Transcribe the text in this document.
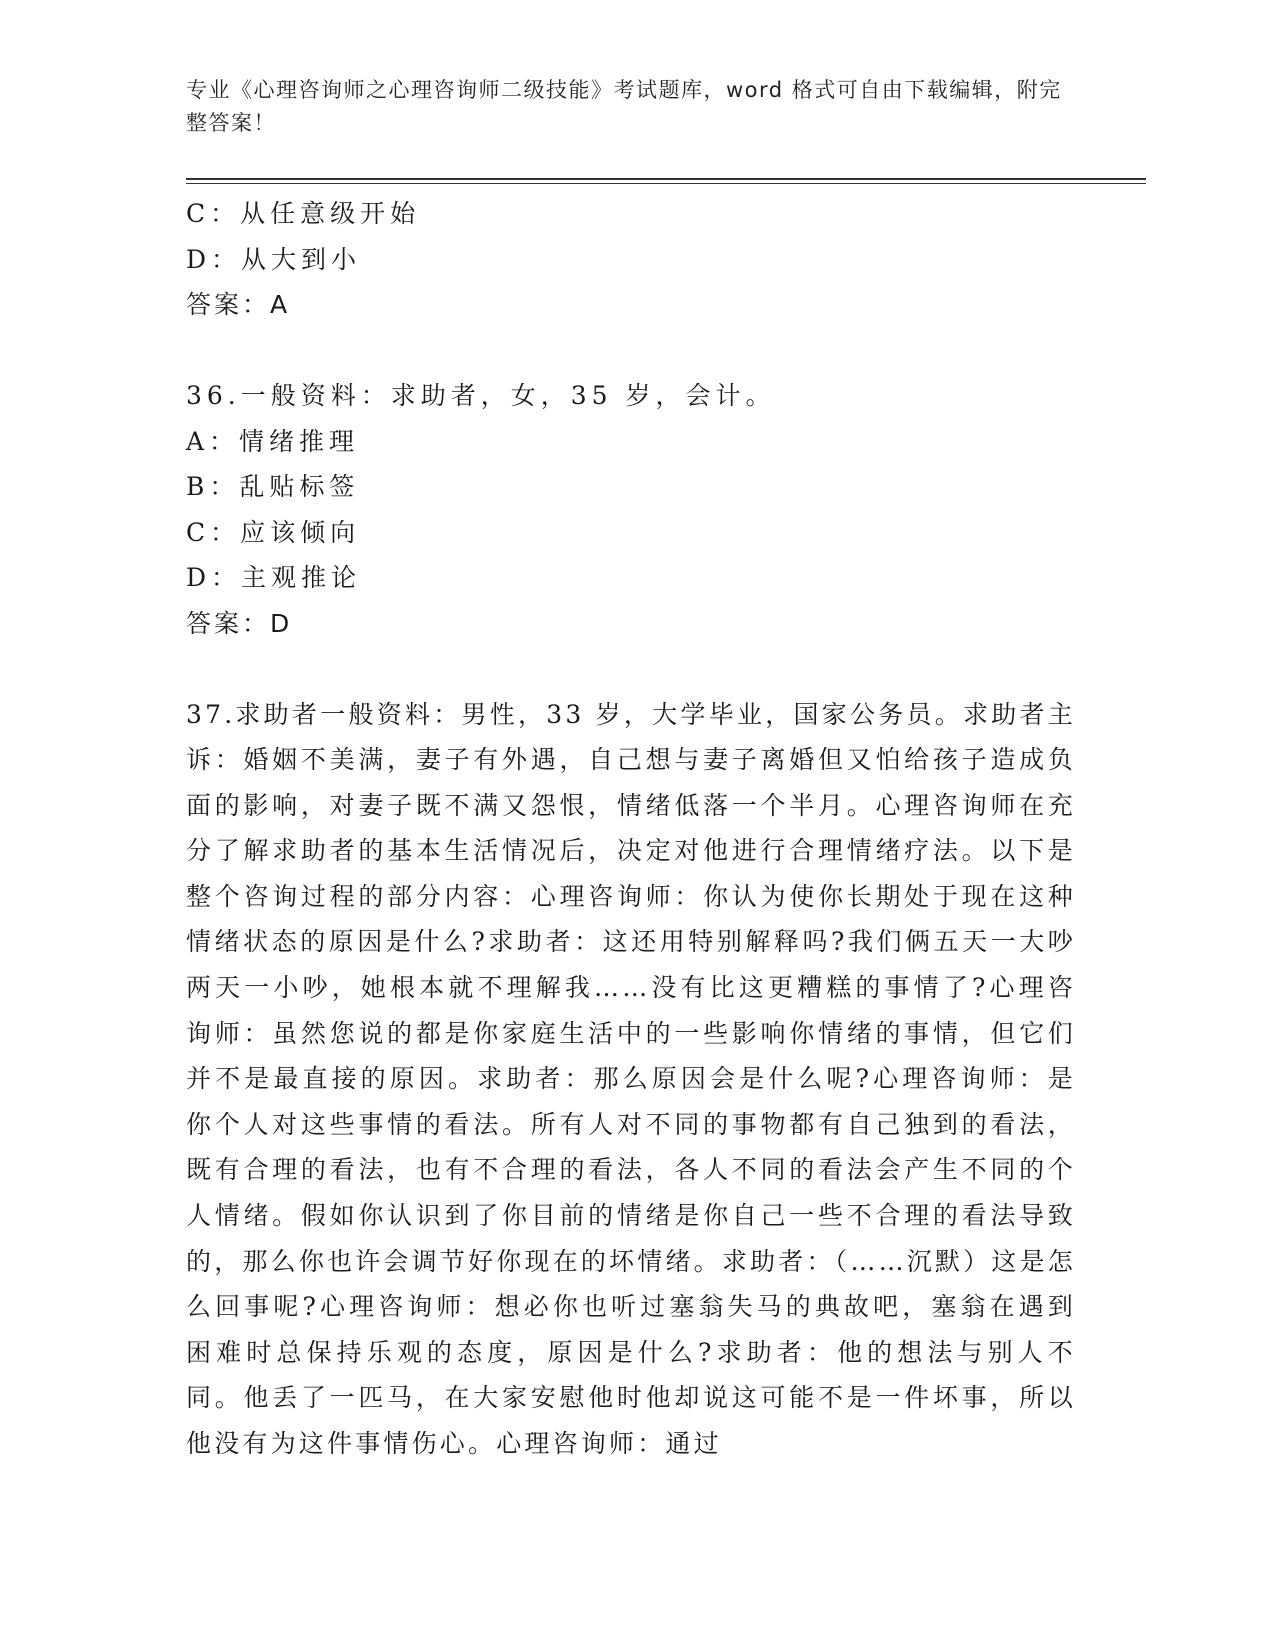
专业《心理咨询师之心理咨询师二级技能》考试题库，word 格式可自由下载编辑，附完整答案！
C：从任意级开始
D：从大到小
答案：A
36.一般资料：求助者，女，35 岁，会计。
A：情绪推理
B：乱贴标签
C：应该倾向
D：主观推论
答案：D

37.求助者一般资料：男性，33 岁，大学毕业，国家公务员。求助者主诉：婚姻不美满，妻子有外遇，自己想与妻子离婚但又怕给孩子造成负面的影响，对妻子既不满又怨恨，情绪低落一个半月。心理咨询师在充分了解求助者的基本生活情况后，决定对他进行合理情绪疗法。以下是整个咨询过程的部分内容：心理咨询师：你认为使你长期处于现在这种情绪状态的原因是什么?求助者：这还用特别解释吗?我们俩五天一大吵两天一小吵，她根本就不理解我……没有比这更糟糕的事情了?心理咨询师：虽然您说的都是你家庭生活中的一些影响你情绪的事情，但它们并不是最直接的原因。求助者：那么原因会是什么呢?心理咨询师：是你个人对这些事情的看法。所有人对不同的事物都有自己独到的看法，既有合理的看法，也有不合理的看法，各人不同的看法会产生不同的个人情绪。假如你认识到了你目前的情绪是你自己一些不合理的看法导致的，那么你也许会调节好你现在的坏情绪。求助者：（……沉默）这是怎么回事呢?心理咨询师：想必你也听过塞翁失马的典故吧，塞翁在遇到困难时总保持乐观的态度，原因是什么?求助者：他的想法与别人不同。他丢了一匹马，在大家安慰他时他却说这可能不是一件坏事，所以他没有为这件事情伤心。心理咨询师：通过
